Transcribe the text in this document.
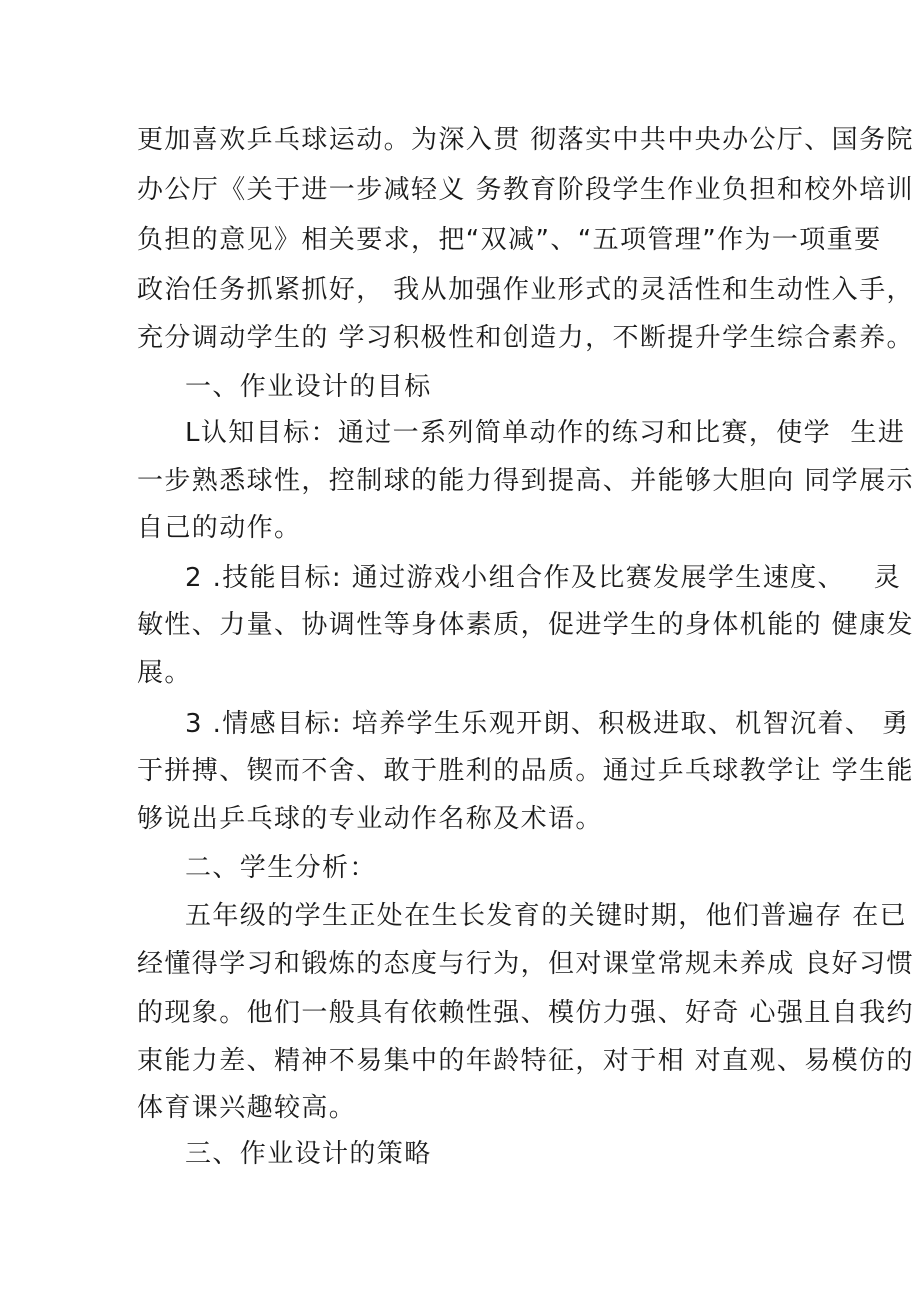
更加喜欢乒乓球运动。为深入贯 彻落实中共中央办公厅、国务院
办公厅《关于进一步减轻义 务教育阶段学生作业负担和校外培训
负担的意见》相关要求，把“双减”、“五项管理”作为一项重要
政治任务抓紧抓好， 我从加强作业形式的灵活性和生动性入手，
充分调动学生的 学习积极性和创造力，不断提升学生综合素养。
一、作业设计的目标
L认知目标：通过一系列简单动作的练习和比赛，使学  生进
一步熟悉球性，控制球的能力得到提高、并能够大胆向 同学展示
自己的动作。
2 .技能目标: 通过游戏小组合作及比赛发展学生速度、   灵
敏性、力量、协调性等身体素质，促进学生的身体机能的 健康发
展。
3 .情感目标: 培养学生乐观开朗、积极进取、机智沉着、 勇
于拼搏、锲而不舍、敢于胜利的品质。通过乒乓球教学让 学生能
够说出乒乓球的专业动作名称及术语。
二、学生分析：
五年级的学生正处在生长发育的关键时期，他们普遍存 在已
经懂得学习和锻炼的态度与行为，但对课堂常规未养成 良好习惯
的现象。他们一般具有依赖性强、模仿力强、好奇 心强且自我约
束能力差、精神不易集中的年龄特征，对于相 对直观、易模仿的
体育课兴趣较高。
三、作业设计的策略
